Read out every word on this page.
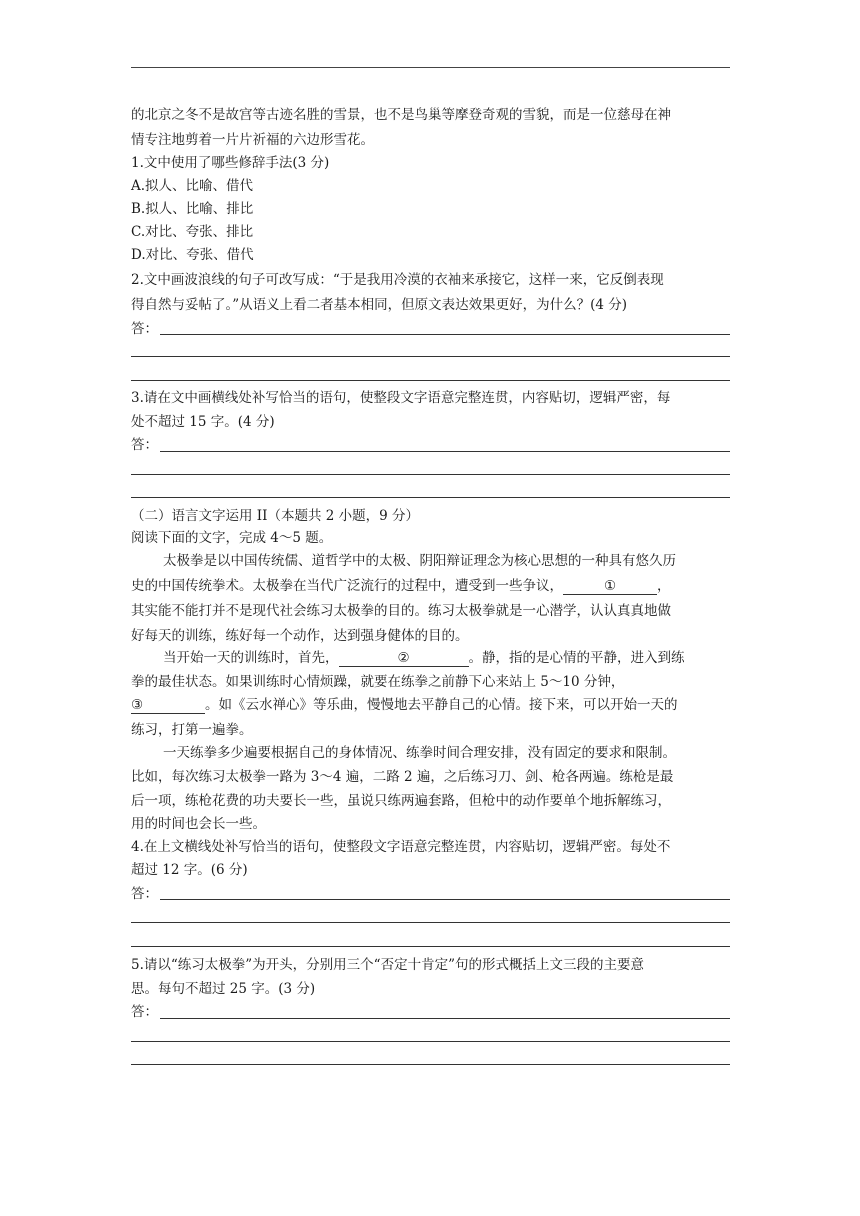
的北京之冬不是故宫等古迹名胜的雪景，也不是鸟巢等摩登奇观的雪貌，而是一位慈母在神
情专注地剪着一片片祈福的六边形雪花。
1.文中使用了哪些修辞手法(3 分)
A.拟人、比喻、借代
B.拟人、比喻、排比
C.对比、夸张、排比
D.对比、夸张、借代
2.文中画波浪线的句子可改写成：“于是我用冷漠的衣袖来承接它，这样一来，它反倒表现
得自然与妥帖了。”从语义上看二者基本相同，但原文表达效果更好，为什么？(4 分)
答：
3.请在文中画横线处补写恰当的语句，使整段文字语意完整连贯，内容贴切，逻辑严密，每
处不超过 15 字。(4 分)
答：
（二）语言文字运用 II（本题共 2 小题，9 分）
阅读下面的文字，完成 4～5 题。
太极拳是以中国传统儒、道哲学中的太极、阴阳辩证理念为核心思想的一种具有悠久历
史的中国传统拳术。太极拳在当代广泛流行的过程中，遭受到一些争议，	①	，
其实能不能打并不是现代社会练习太极拳的目的。练习太极拳就是一心潜学，认认真真地做
好每天的训练，练好每一个动作，达到强身健体的目的。
当开始一天的训练时，首先，	②	。静，指的是心情的平静，进入到练
拳的最佳状态。如果训练时心情烦躁，就要在练拳之前静下心来站上 5～10 分钟，
③	。如《云水禅心》等乐曲，慢慢地去平静自己的心情。接下来，可以开始一天的
练习，打第一遍拳。
一天练拳多少遍要根据自己的身体情况、练拳时间合理安排，没有固定的要求和限制。
比如，每次练习太极拳一路为 3～4 遍，二路 2 遍，之后练习刀、剑、枪各两遍。练枪是最
后一项，练枪花费的功夫要长一些，虽说只练两遍套路，但枪中的动作要单个地拆解练习，
用的时间也会长一些。
4.在上文横线处补写恰当的语句，使整段文字语意完整连贯，内容贴切，逻辑严密。每处不
超过 12 字。(6 分)
答：
5.请以“练习太极拳”为开头，分别用三个“否定十肯定”句的形式概括上文三段的主要意
思。每句不超过 25 字。(3 分)
答：
